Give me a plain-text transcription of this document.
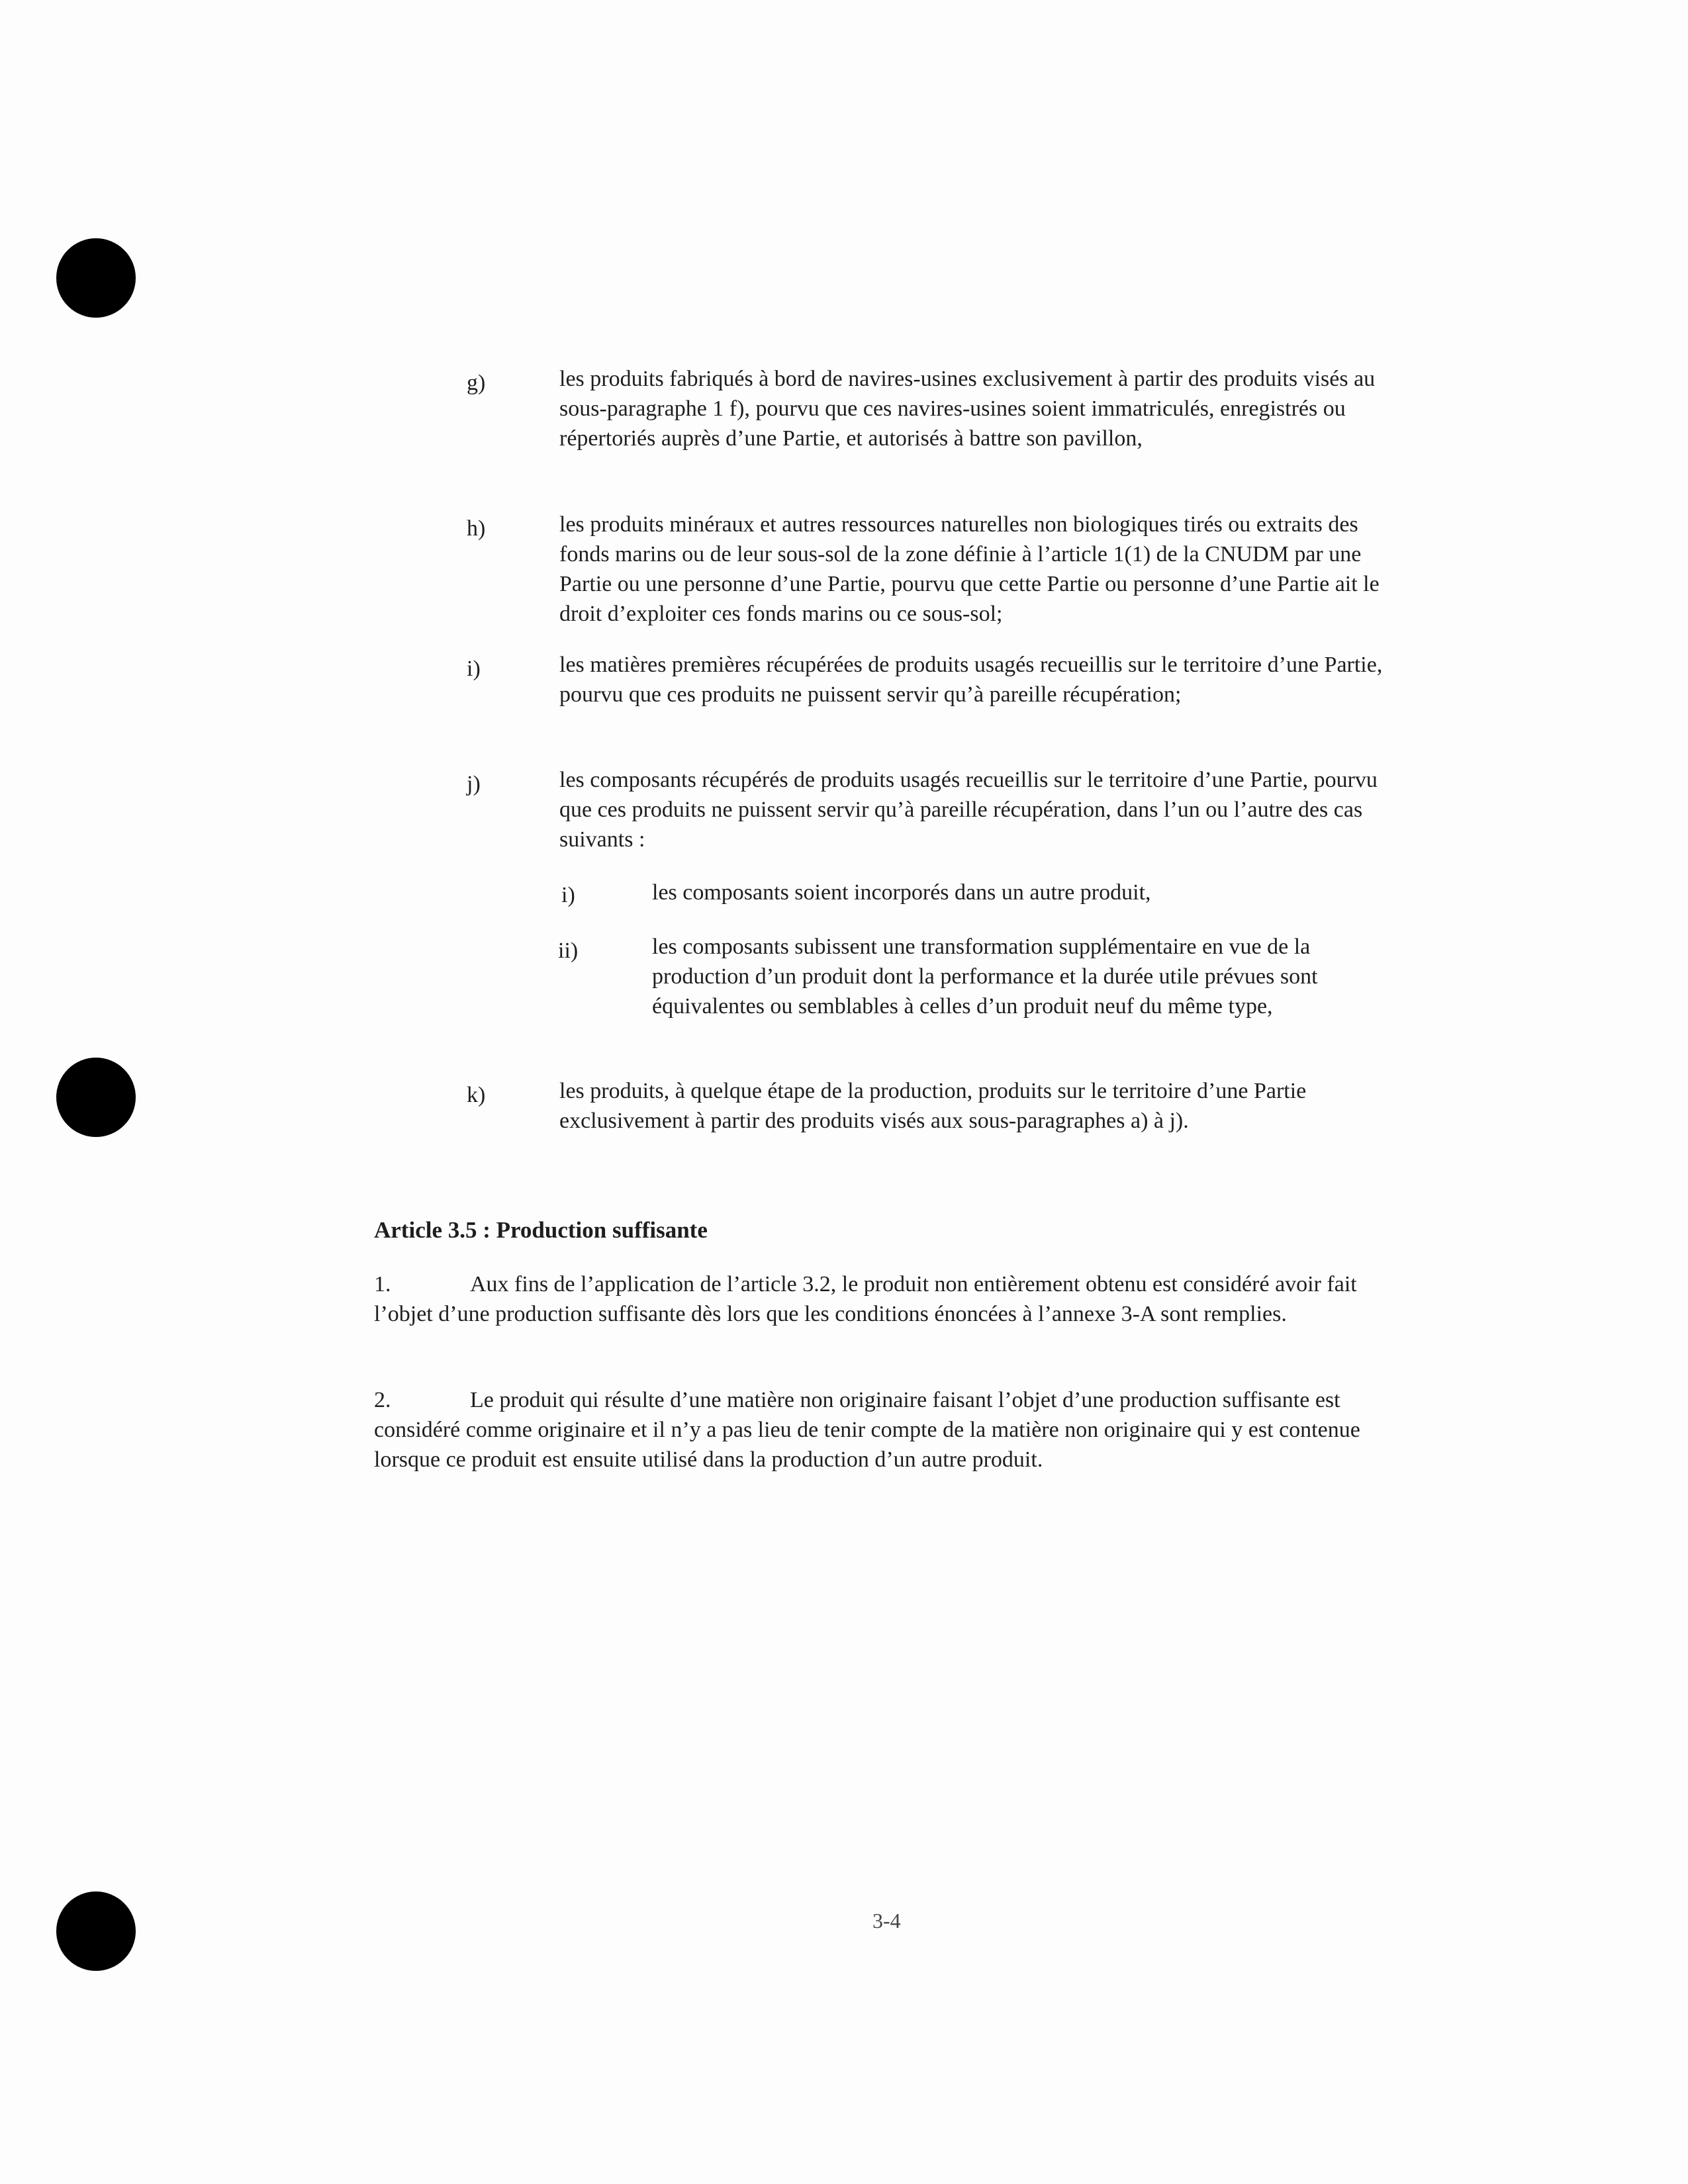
g)	les produits fabriqués à bord de navires-usines exclusivement à partir des produits visés au sous-paragraphe 1 f), pourvu que ces navires-usines soient immatriculés, enregistrés ou répertoriés auprès d’une Partie, et autorisés à battre son pavillon,

h)	les produits minéraux et autres ressources naturelles non biologiques tirés ou extraits des fonds marins ou de leur sous-sol de la zone définie à l’article 1(1) de la CNUDM par une Partie ou une personne d’une Partie, pourvu que cette Partie ou personne d’une Partie ait le droit d’exploiter ces fonds marins ou ce sous-sol;

i)	les matières premières récupérées de produits usagés recueillis sur le territoire d’une Partie, pourvu que ces produits ne puissent servir qu’à pareille récupération;

j)	les composants récupérés de produits usagés recueillis sur le territoire d’une Partie, pourvu que ces produits ne puissent servir qu’à pareille récupération, dans l’un ou l’autre des cas suivants :

i)	les composants soient incorporés dans un autre produit,

ii)	les composants subissent une transformation supplémentaire en vue de la production d’un produit dont la performance et la durée utile prévues sont équivalentes ou semblables à celles d’un produit neuf du même type,

k)	les produits, à quelque étape de la production, produits sur le territoire d’une Partie exclusivement à partir des produits visés aux sous-paragraphes a) à j).

Article 3.5 : Production suffisante

1.	Aux fins de l’application de l’article 3.2, le produit non entièrement obtenu est considéré avoir fait l’objet d’une production suffisante dès lors que les conditions énoncées à l’annexe 3-A sont remplies.

2.	Le produit qui résulte d’une matière non originaire faisant l’objet d’une production suffisante est considéré comme originaire et il n’y a pas lieu de tenir compte de la matière non originaire qui y est contenue lorsque ce produit est ensuite utilisé dans la production d’un autre produit.

3-4
